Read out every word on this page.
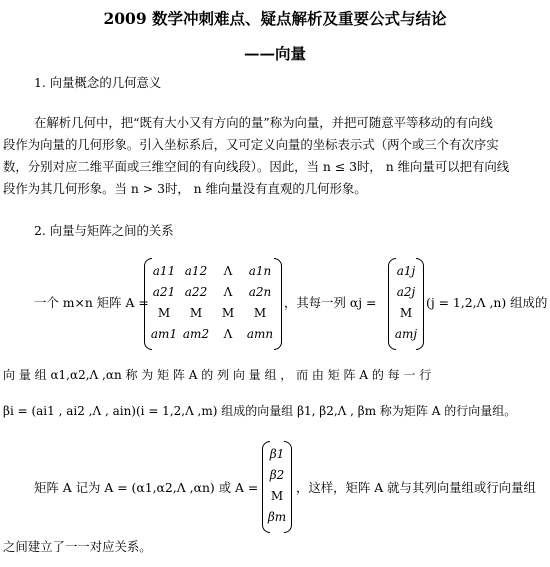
2009 数学冲刺难点、疑点解析及重要公式与结论
——向量
1. 向量概念的几何意义
在解析几何中，把“既有大小又有方向的量”称为向量，并把可随意平等移动的有向线
段作为向量的几何形象。引入坐标系后，又可定义向量的坐标表示式（两个或三个有次序实
数，分别对应二维平面或三维空间的有向线段）。因此，当 n ≤ 3时， n 维向量可以把有向线
段作为其几何形象。当 n > 3时， n 维向量没有直观的几何形象。
2. 向量与矩阵之间的关系
一个 m×n 矩阵 A =
a11 a12	Λ	a1n
a21 a22	Λ	a2n
M	M	M	M
am1 am2	Λ	amn
，其每一列 αj =
a1j
a2j
M
amj
(j = 1,2,Λ ,n) 组成的
向 量 组 α1,α2,Λ ,αn 称 为 矩 阵 A 的 列 向 量 组 ， 而 由 矩 阵 A 的 每 一 行
βi = (ai1 , ai2 ,Λ , ain)(i = 1,2,Λ ,m) 组成的向量组 β1, β2,Λ , βm 称为矩阵 A 的行向量组。
矩阵 A 记为 A = (α1,α2,Λ ,αn) 或 A =
β1
β2
M
βm
，这样，矩阵 A 就与其列向量组或行向量组
之间建立了一一对应关系。
